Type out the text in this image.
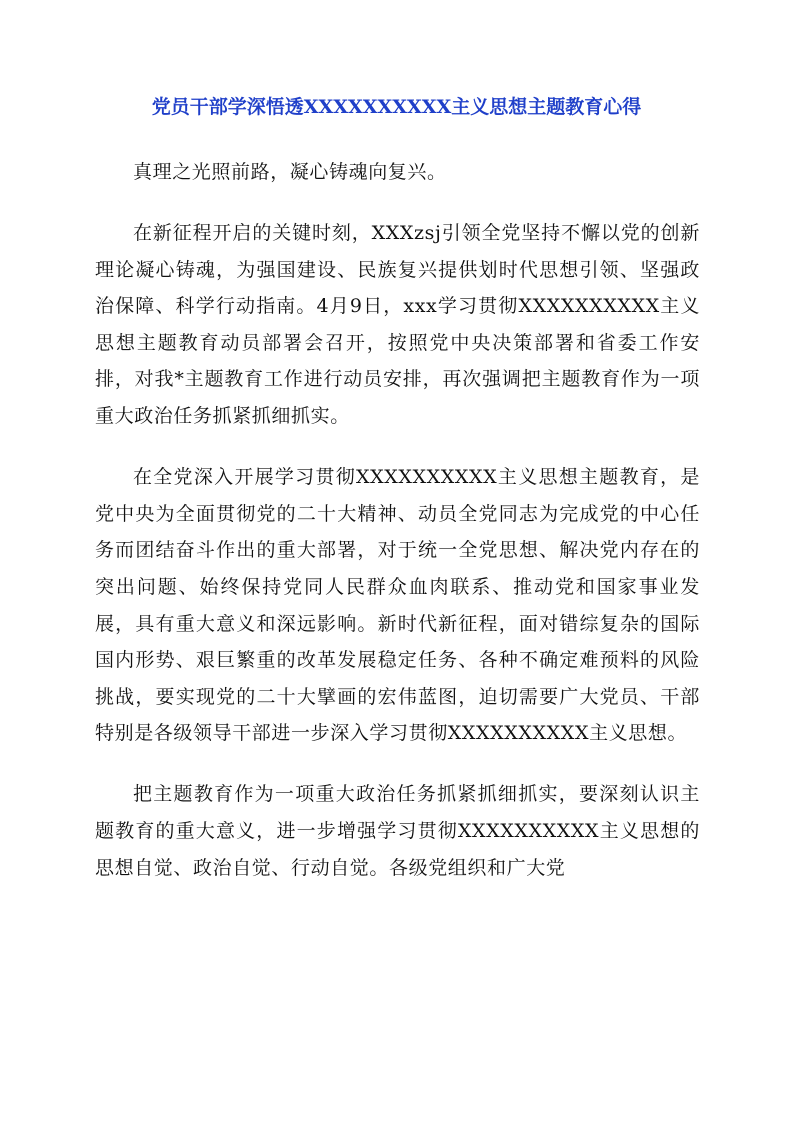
党员干部学深悟透XXXXXXXXXX主义思想主题教育心得

真理之光照前路，凝心铸魂向复兴。

在新征程开启的关键时刻，XXXzsj引领全党坚持不懈以党的创新理论凝心铸魂，为强国建设、民族复兴提供划时代思想引领、坚强政治保障、科学行动指南。4月9日，xxx学习贯彻XXXXXXXXXX主义思想主题教育动员部署会召开，按照党中央决策部署和省委工作安排，对我*主题教育工作进行动员安排，再次强调把主题教育作为一项重大政治任务抓紧抓细抓实。

在全党深入开展学习贯彻XXXXXXXXXX主义思想主题教育，是党中央为全面贯彻党的二十大精神、动员全党同志为完成党的中心任务而团结奋斗作出的重大部署，对于统一全党思想、解决党内存在的突出问题、始终保持党同人民群众血肉联系、推动党和国家事业发展，具有重大意义和深远影响。新时代新征程，面对错综复杂的国际国内形势、艰巨繁重的改革发展稳定任务、各种不确定难预料的风险挑战，要实现党的二十大擘画的宏伟蓝图，迫切需要广大党员、干部特别是各级领导干部进一步深入学习贯彻XXXXXXXXXX主义思想。

把主题教育作为一项重大政治任务抓紧抓细抓实，要深刻认识主题教育的重大意义，进一步增强学习贯彻XXXXXXXXXX主义思想的思想自觉、政治自觉、行动自觉。各级党组织和广大党
